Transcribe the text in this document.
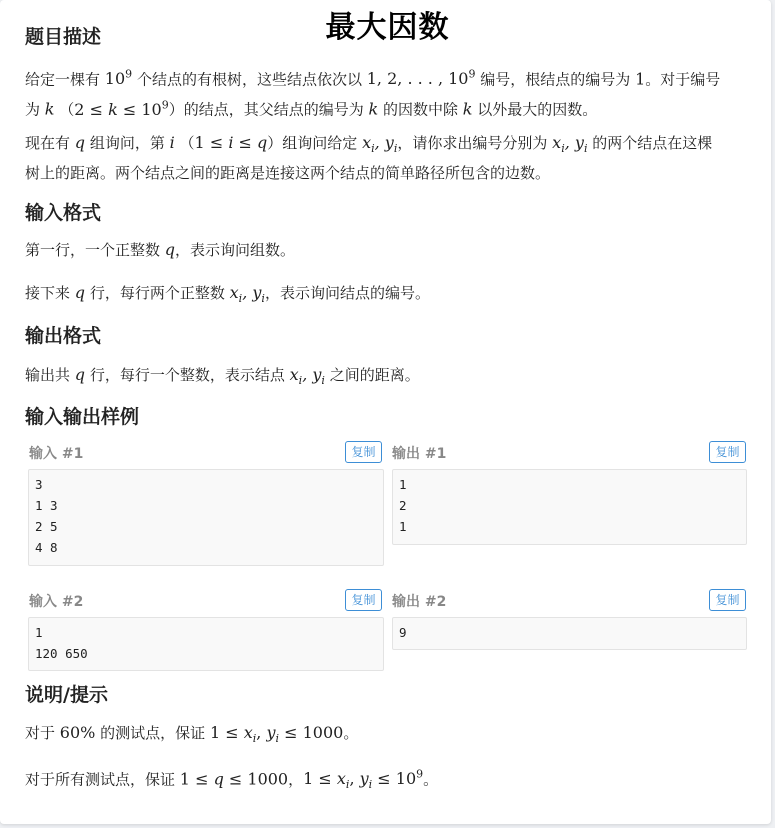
最大因数
题目描述
给定一棵有 $10^9$ 个结点的有根树，这些结点依次以 1, 2, . . . , $10^9$ 编号，根结点的编号为 1。对于编号
为 k $(2 \le k \le 10^9)$的结点，其父结点的编号为 k 的因数中除 k 以外最大的因数。
现在有 q 组询问，第 i （1 ≤ i ≤ q）组询问给定 $x_i$, $y_i$，请你求出编号分别为 $x_i$, $y_i$ 的两个结点在这棵
树上的距离。两个结点之间的距离是连接这两个结点的简单路径所包含的边数。
输入格式
第一行，一个正整数 q，表示询问组数。
接下来 q 行，每行两个正整数 $x_i$, $y_i$，表示询问结点的编号。
输出格式
输出共 q 行，每行一个整数，表示结点 $x_i$, $y_i$ 之间的距离。
输入输出样例
输入 #1	复制
3
1 3
2 5
4 8
输出 #1	复制
1
2
1
输入 #2	复制
1
120 650
输出 #2	复制
9
说明/提示
对于 60% 的测试点，保证 $1 \le x_i$, $y_i \le 1000$。
对于所有测试点，保证 1 ≤ q ≤ 1000，$1 \le x_i$, $y_i \le 10^9$。
